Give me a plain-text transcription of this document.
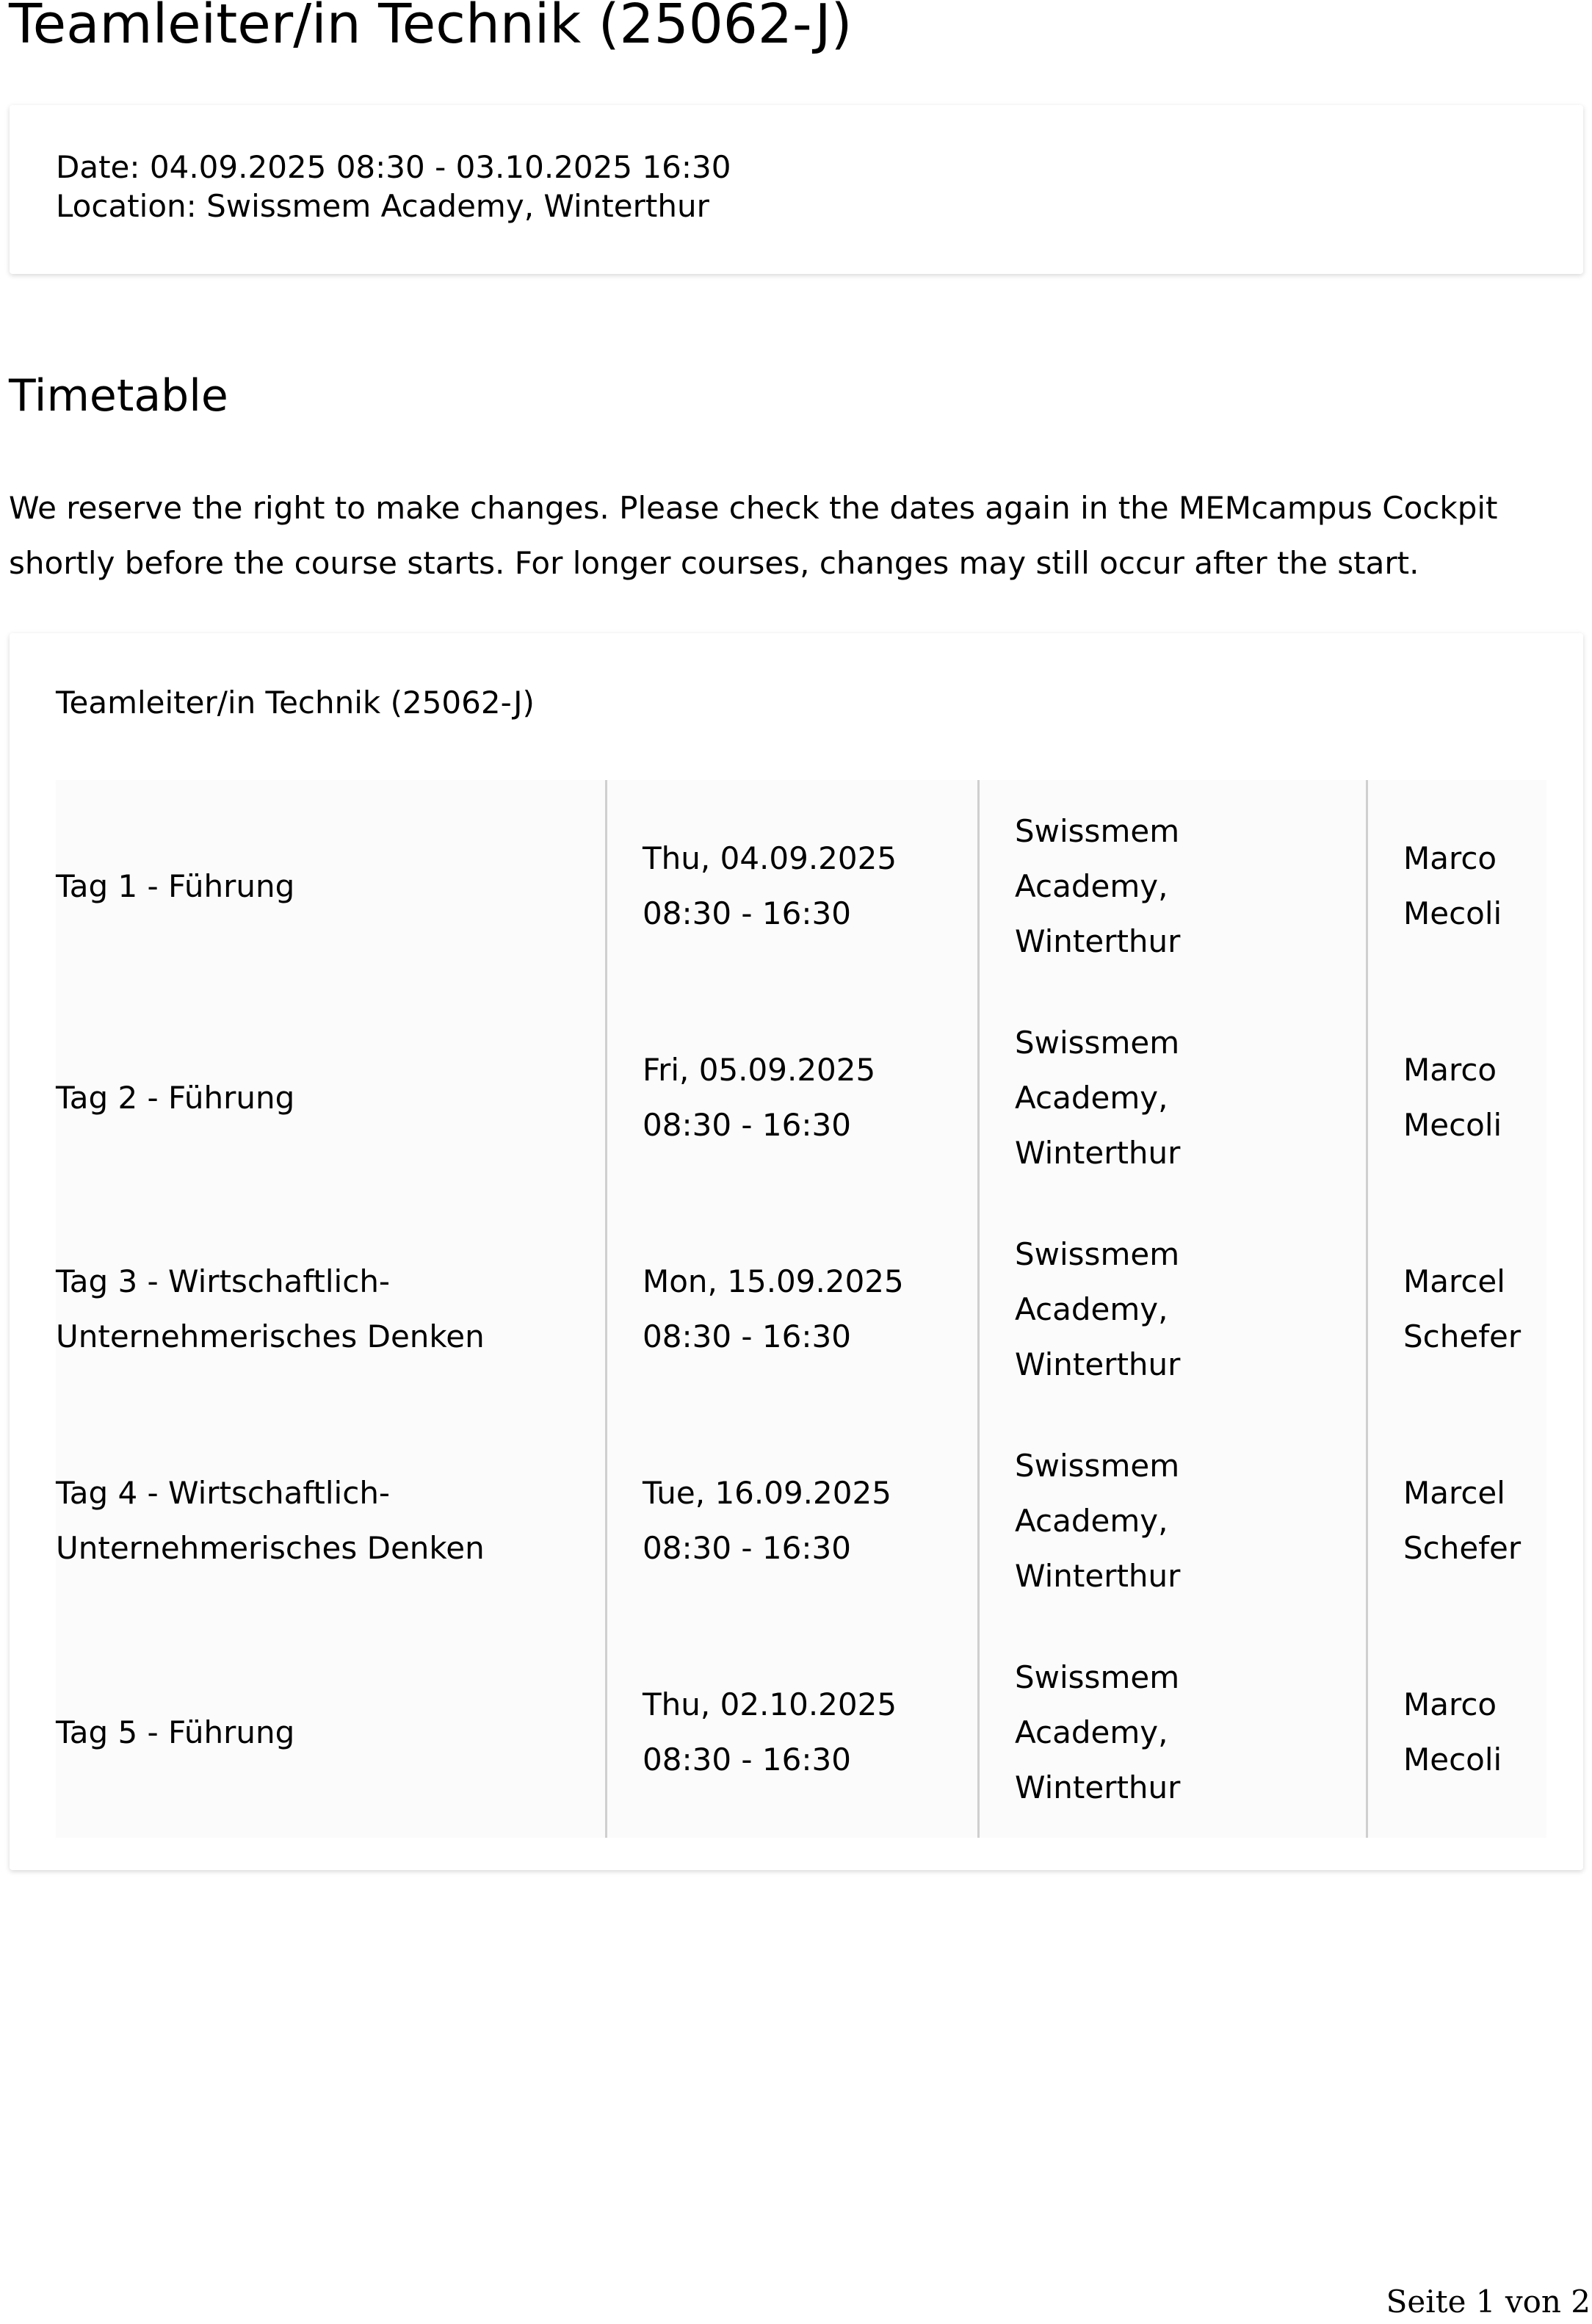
Teamleiter/in Technik (25062-J)
Date: 04.09.2025 08:30 - 03.10.2025 16:30
Location: Swissmem Academy, Winterthur
Timetable

We reserve the right to make changes. Please check the dates again in the MEMcampus Cockpit shortly before the course starts. For longer courses, changes may still occur after the start.

Teamleiter/in Technik (25062-J)
Tag 1 - Führung
Thu, 04.09.2025
08:30 - 16:30
Swissmem
Academy,
Winterthur
Marco
Mecoli
Tag 2 - Führung
Fri, 05.09.2025
08:30 - 16:30
Swissmem
Academy,
Winterthur
Marco
Mecoli
Tag 3 - Wirtschaftlich-
Unternehmerisches Denken
Mon, 15.09.2025
08:30 - 16:30
Swissmem
Academy,
Winterthur
Marcel
Schefer
Tag 4 - Wirtschaftlich-
Unternehmerisches Denken
Tue, 16.09.2025
08:30 - 16:30
Swissmem
Academy,
Winterthur
Marcel
Schefer
Tag 5 - Führung
Thu, 02.10.2025
08:30 - 16:30
Swissmem
Academy,
Winterthur
Marco
Mecoli
Seite 1 von 2
